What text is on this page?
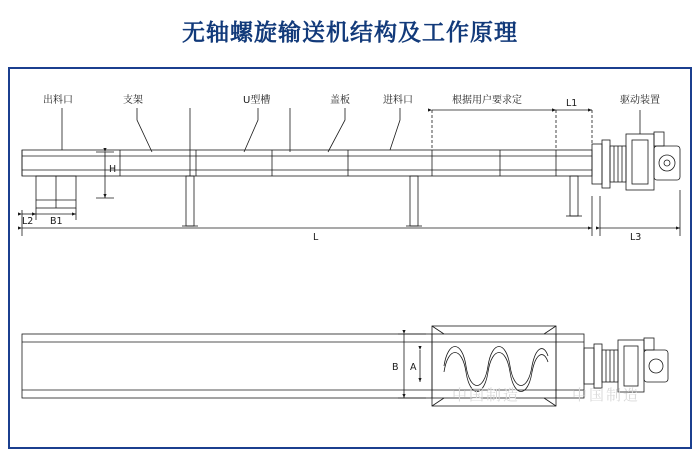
无轴螺旋输送机结构及工作原理
出料口	支架	U型槽	盖板	进料口	根据用户要求定	驱动装置
H
L2 B1
L
L1
L3
A
B
中国制造	中国制造
